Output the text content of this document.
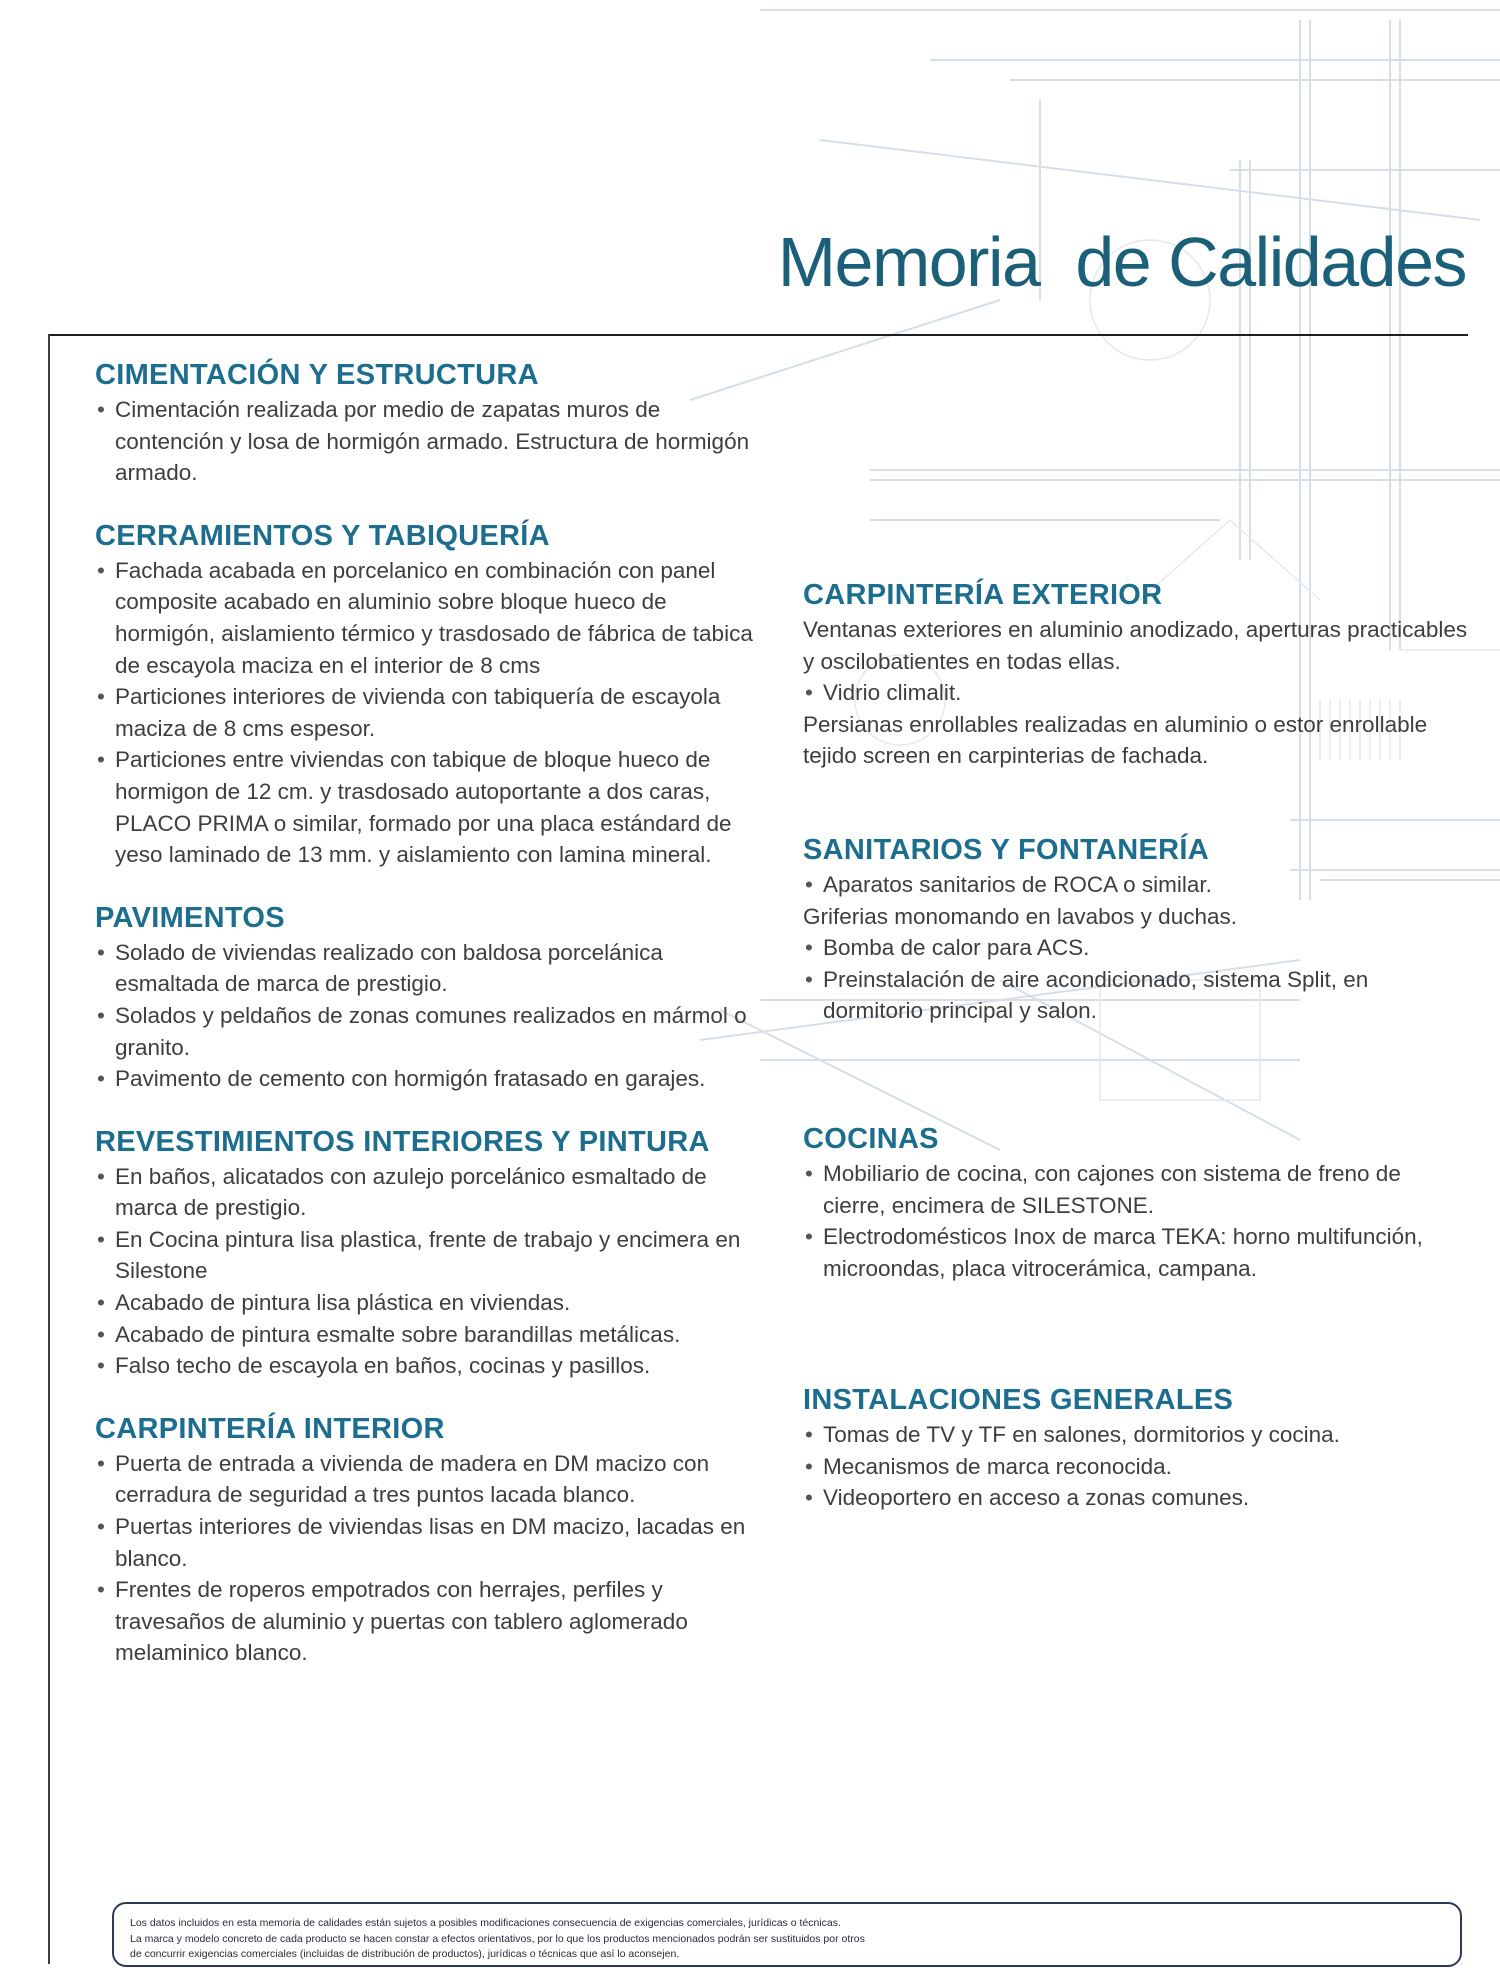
Memoria  de Calidades
CIMENTACIÓN Y ESTRUCTURA
• Cimentación realizada por medio de zapatas muros de contención y losa de hormigón armado. Estructura de hormigón armado.
CERRAMIENTOS Y TABIQUERÍA
• Fachada acabada en porcelanico en combinación con panel composite acabado en aluminio sobre bloque hueco de hormigón, aislamiento térmico y trasdosado de fábrica de tabica de escayola maciza en el interior de 8 cms
• Particiones interiores de vivienda con tabiquería de escayola maciza de 8 cms espesor.
• Particiones entre viviendas con tabique de bloque hueco de hormigon de 12 cm. y trasdosado autoportante a dos caras, PLACO PRIMA o similar, formado por una placa estándard de yeso laminado de 13 mm. y aislamiento con lamina mineral.
PAVIMENTOS
• Solado de viviendas realizado con baldosa porcelánica esmaltada de marca de prestigio.
• Solados y peldaños de zonas comunes realizados en mármol o granito.
• Pavimento de cemento con hormigón fratasado en garajes.
REVESTIMIENTOS INTERIORES Y PINTURA
• En baños, alicatados con azulejo porcelánico esmaltado de marca de prestigio.
• En Cocina pintura lisa plastica, frente de trabajo y encimera en Silestone
• Acabado de pintura lisa plástica en viviendas.
• Acabado de pintura esmalte sobre barandillas metálicas.
• Falso techo de escayola en baños, cocinas y pasillos.
CARPINTERÍA INTERIOR
• Puerta de entrada a vivienda de madera en DM macizo con cerradura de seguridad a tres puntos lacada blanco.
• Puertas interiores de viviendas lisas en DM macizo, lacadas en blanco.
• Frentes de roperos empotrados con herrajes, perfiles y travesaños de aluminio y puertas con tablero aglomerado melaminico blanco.
CARPINTERÍA EXTERIOR
Ventanas exteriores en aluminio anodizado, aperturas practicables y oscilobatientes en todas ellas.
• Vidrio climalit.
Persianas enrollables realizadas en aluminio o estor enrollable tejido screen en carpinterias de fachada.
SANITARIOS Y FONTANERÍA
• Aparatos sanitarios de ROCA o similar.
Griferias monomando en lavabos y duchas.
• Bomba de calor para ACS.
• Preinstalación de aire acondicionado, sistema Split, en dormitorio principal y salon.
COCINAS
• Mobiliario de cocina, con cajones con sistema de freno de cierre, encimera de SILESTONE.
• Electrodomésticos Inox de marca TEKA: horno multifunción, microondas, placa vitrocerámica, campana.
INSTALACIONES GENERALES
• Tomas de TV y TF en salones, dormitorios y cocina.
• Mecanismos de marca reconocida.
• Videoportero en acceso a zonas comunes.

Los datos incluidos en esta memoria de calidades están sujetos a posibles modificaciones consecuencia de exigencias comerciales, jurídicas o técnicas.

La marca y modelo concreto de cada producto se hacen constar a efectos orientativos, por lo que los productos mencionados podrán ser sustituidos por otros

de concurrir exigencias comerciales (incluidas de distribución de productos), jurídicas o técnicas que así lo aconsejen.
